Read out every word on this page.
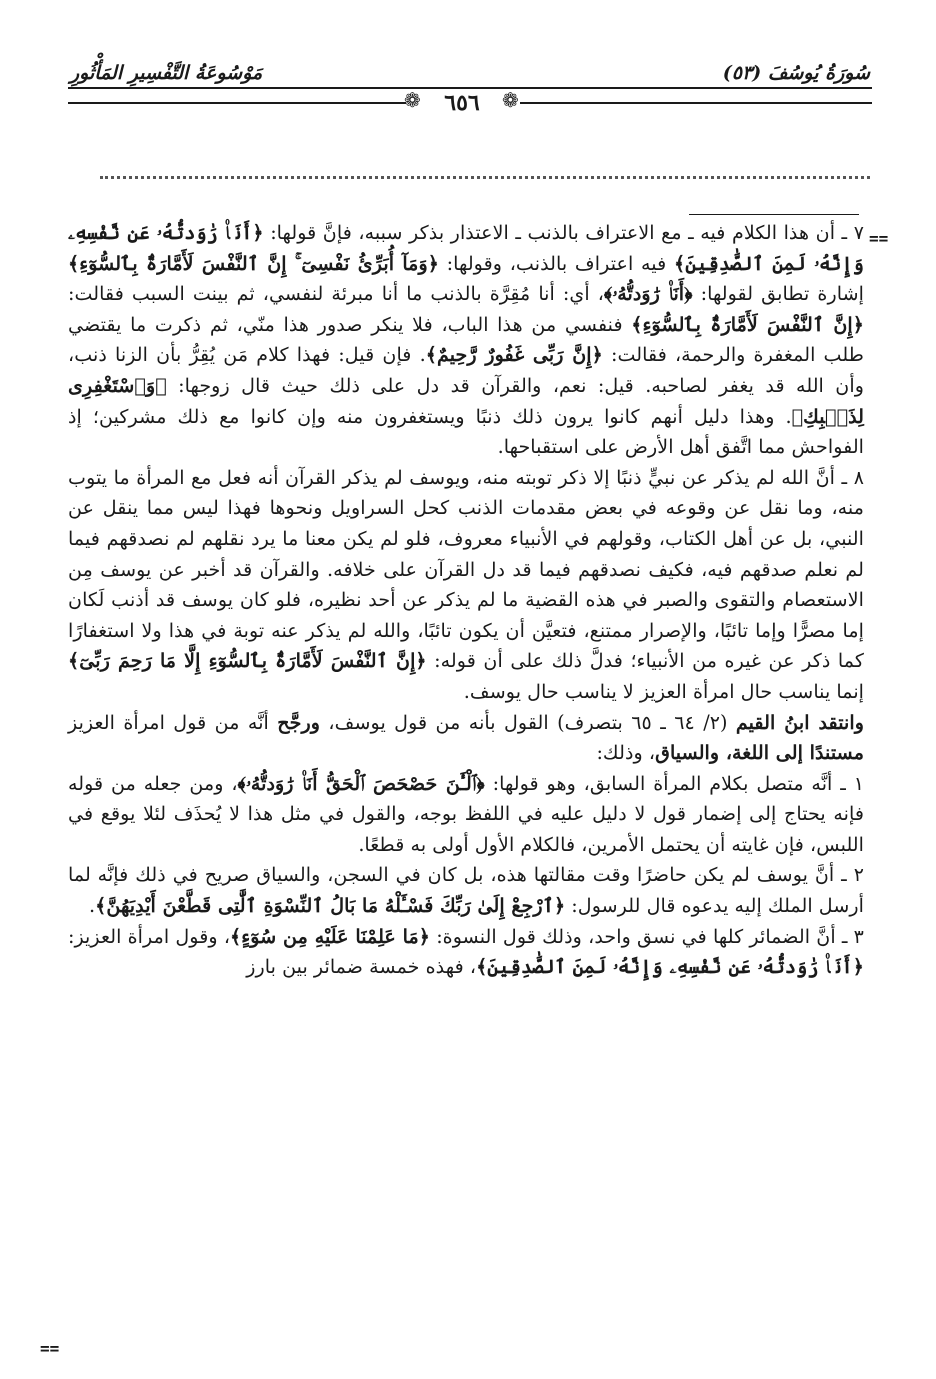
سُورَةُ يُوسُفَ (٥٣)
مَوْسُوعَةُ التَّفْسِيرِ المَأْثُورِ
❁	٦٥٦	❁
==

٧ ـ أن هذا الكلام فيه ـ مع الاعتراف بالذنب ـ الاعتذار بذكر سببه، فإنَّ قولها: ﴿أَنَا۠ رَٰوَدتُّهُۥ عَن نَّفْسِهِۦ وَإِنَّهُۥ لَمِنَ ٱلصَّٰدِقِينَ﴾ فيه اعتراف بالذنب، وقولها: ﴿وَمَآ أُبَرِّئُ نَفْسِىٓ ۚ إِنَّ ٱلنَّفْسَ لَأَمَّارَةٌۢ بِٱلسُّوٓءِ﴾ إشارة تطابق لقولها: ﴿أَنَا۠ رَٰوَدتُّهُۥ﴾، أي: أنا مُقِرَّة بالذنب ما أنا مبرئة لنفسي، ثم بينت السبب فقالت: ﴿إِنَّ ٱلنَّفْسَ لَأَمَّارَةٌۢ بِٱلسُّوٓءِ﴾ فنفسي من هذا الباب، فلا ينكر صدور هذا منّي، ثم ذكرت ما يقتضي طلب المغفرة والرحمة، فقالت: ﴿إِنَّ رَبِّى غَفُورٌ رَّحِيمٌ﴾. فإن قيل: فهذا كلام مَن يُقِرُّ بأن الزنا ذنب، وأن الله قد يغفر لصاحبه. قيل: نعم، والقرآن قد دل على ذلك حيث قال زوجها: ﴿وَٱسْتَغْفِرِى لِذَنۢبِكِ﴾. وهذا دليل أنهم كانوا يرون ذلك ذنبًا ويستغفرون منه وإن كانوا مع ذلك مشركين؛ إذ الفواحش مما اتَّفق أهل الأرض على استقباحها.

٨ ـ أنَّ الله لم يذكر عن نبيٍّ ذنبًا إلا ذكر توبته منه، ويوسف لم يذكر القرآن أنه فعل مع المرأة ما يتوب منه، وما نقل عن وقوعه في بعض مقدمات الذنب كحل السراويل ونحوها فهذا ليس مما ينقل عن النبي، بل عن أهل الكتاب، وقولهم في الأنبياء معروف، فلو لم يكن معنا ما يرد نقلهم لم نصدقهم فيما لم نعلم صدقهم فيه، فكيف نصدقهم فيما قد دل القرآن على خلافه. والقرآن قد أخبر عن يوسف مِن الاستعصام والتقوى والصبر في هذه القضية ما لم يذكر عن أحد نظيره، فلو كان يوسف قد أذنب لَكان إما مصرًّا وإما تائبًا، والإصرار ممتنع، فتعيَّن أن يكون تائبًا، والله لم يذكر عنه توبة في هذا ولا استغفارًا كما ذكر عن غيره من الأنبياء؛ فدلَّ ذلك على أن قوله: ﴿إِنَّ ٱلنَّفْسَ لَأَمَّارَةٌۢ بِٱلسُّوٓءِ إِلَّا مَا رَحِمَ رَبِّىٓ﴾ إنما يناسب حال امرأة العزيز لا يناسب حال يوسف.

وانتقد ابنُ القيم (٢/ ٦٤ ـ ٦٥ بتصرف) القول بأنه من قول يوسف، ورجَّح أنَّه من قول امرأة العزيز مستندًا إلى اللغة، والسياق، وذلك:

١ ـ أنَّه متصل بكلام المرأة السابق، وهو قولها: ﴿ٱلْـَٰٔنَ حَصْحَصَ ٱلْحَقُّ أَنَا۠ رَٰوَدتُّهُۥ﴾، ومن جعله من قوله فإنه يحتاج إلى إضمار قول لا دليل عليه في اللفظ بوجه، والقول في مثل هذا لا يُحذَف لئلا يوقع في اللبس، فإن غايته أن يحتمل الأمرين، فالكلام الأول أولى به قطعًا.

٢ ـ أنَّ يوسف لم يكن حاضرًا وقت مقالتها هذه، بل كان في السجن، والسياق صريح في ذلك فإنَّه لما أرسل الملك إليه يدعوه قال للرسول: ﴿ٱرْجِعْ إِلَىٰ رَبِّكَ فَسْـَٔلْهُ مَا بَالُ ٱلنِّسْوَةِ ٱلَّٰتِى قَطَّعْنَ أَيْدِيَهُنَّ﴾.

٣ ـ أنَّ الضمائر كلها في نسق واحد، وذلك قول النسوة: ﴿مَا عَلِمْنَا عَلَيْهِ مِن سُوٓءٍ﴾، وقول امرأة العزيز: ﴿أَنَا۠ رَٰوَدتُّهُۥ عَن نَّفْسِهِۦ وَإِنَّهُۥ لَمِنَ ٱلصَّٰدِقِينَ﴾، فهذه خمسة ضمائر بين بارز

==
